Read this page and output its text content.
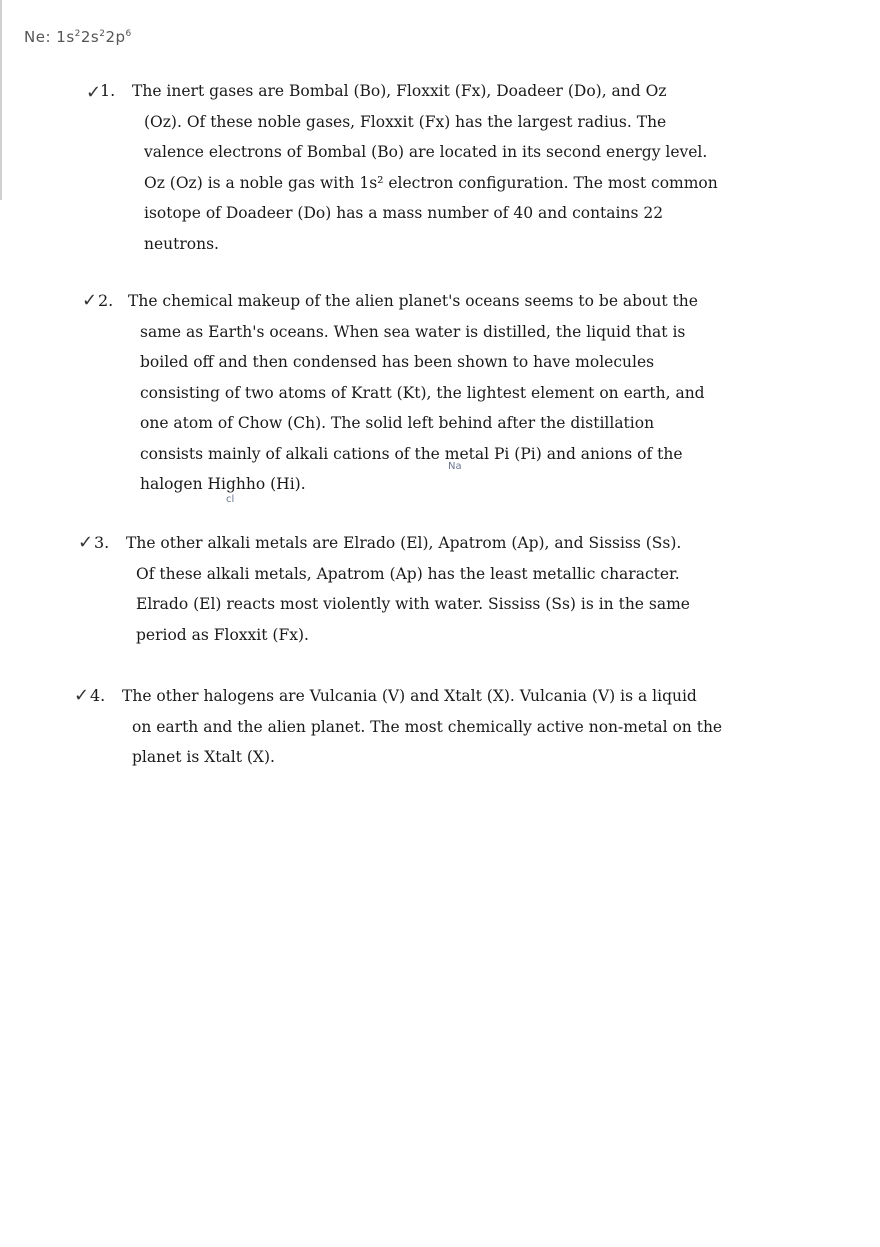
Ne: $1s^22s^22p^6$
✓
1. The inert gases are Bombal (Bo), Floxxit (Fx), Doadeer (Do), and Oz
(Oz). Of these noble gases, Floxxit (Fx) has the largest radius. The
valence electrons of Bombal (Bo) are located in its second energy level.
Oz (Oz) is a noble gas with 1s² electron configuration. The most common
isotope of Doadeer (Do) has a mass number of 40 and contains 22
neutrons.
✓ 2. The chemical makeup of the alien planet's oceans seems to be about the
same as Earth's oceans. When sea water is distilled, the liquid that is
boiled off and then condensed has been shown to have molecules
consisting of two atoms of Kratt (Kt), the lightest element on earth, and
one atom of Chow (Ch). The solid left behind after the distillation
consists mainly of alkali cations of the metal Pi (Pi) and anions of the
halogen Highho (Hi).
Na
cl
✓ 3. The other alkali metals are Elrado (El), Apatrom (Ap), and Sississ (Ss).
Of these alkali metals, Apatrom (Ap) has the least metallic character.
Elrado (El) reacts most violently with water. Sississ (Ss) is in the same
period as Floxxit (Fx).
✓ 4. The other halogens are Vulcania (V) and Xtalt (X). Vulcania (V) is a liquid
on earth and the alien planet. The most chemically active non-metal on the
planet is Xtalt (X).
